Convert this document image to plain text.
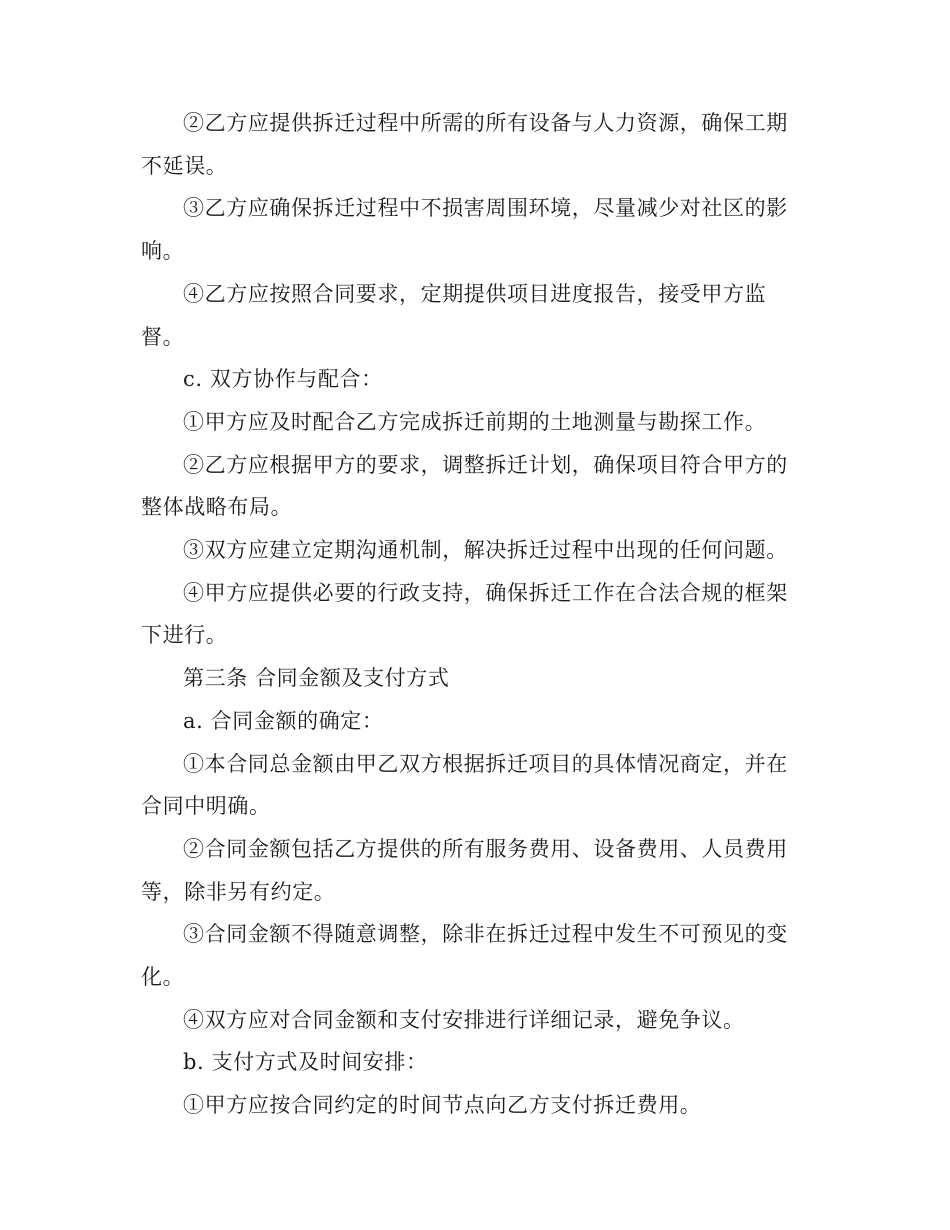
②乙方应提供拆迁过程中所需的所有设备与人力资源，确保工期不延误。

③乙方应确保拆迁过程中不损害周围环境，尽量减少对社区的影响。

④乙方应按照合同要求，定期提供项目进度报告，接受甲方监督。

c. 双方协作与配合：

①甲方应及时配合乙方完成拆迁前期的土地测量与勘探工作。

②乙方应根据甲方的要求，调整拆迁计划，确保项目符合甲方的整体战略布局。

③双方应建立定期沟通机制，解决拆迁过程中出现的任何问题。

④甲方应提供必要的行政支持，确保拆迁工作在合法合规的框架下进行。

第三条 合同金额及支付方式

a. 合同金额的确定：

①本合同总金额由甲乙双方根据拆迁项目的具体情况商定，并在合同中明确。

②合同金额包括乙方提供的所有服务费用、设备费用、人员费用等，除非另有约定。

③合同金额不得随意调整，除非在拆迁过程中发生不可预见的变化。

④双方应对合同金额和支付安排进行详细记录，避免争议。

b. 支付方式及时间安排：

①甲方应按合同约定的时间节点向乙方支付拆迁费用。
